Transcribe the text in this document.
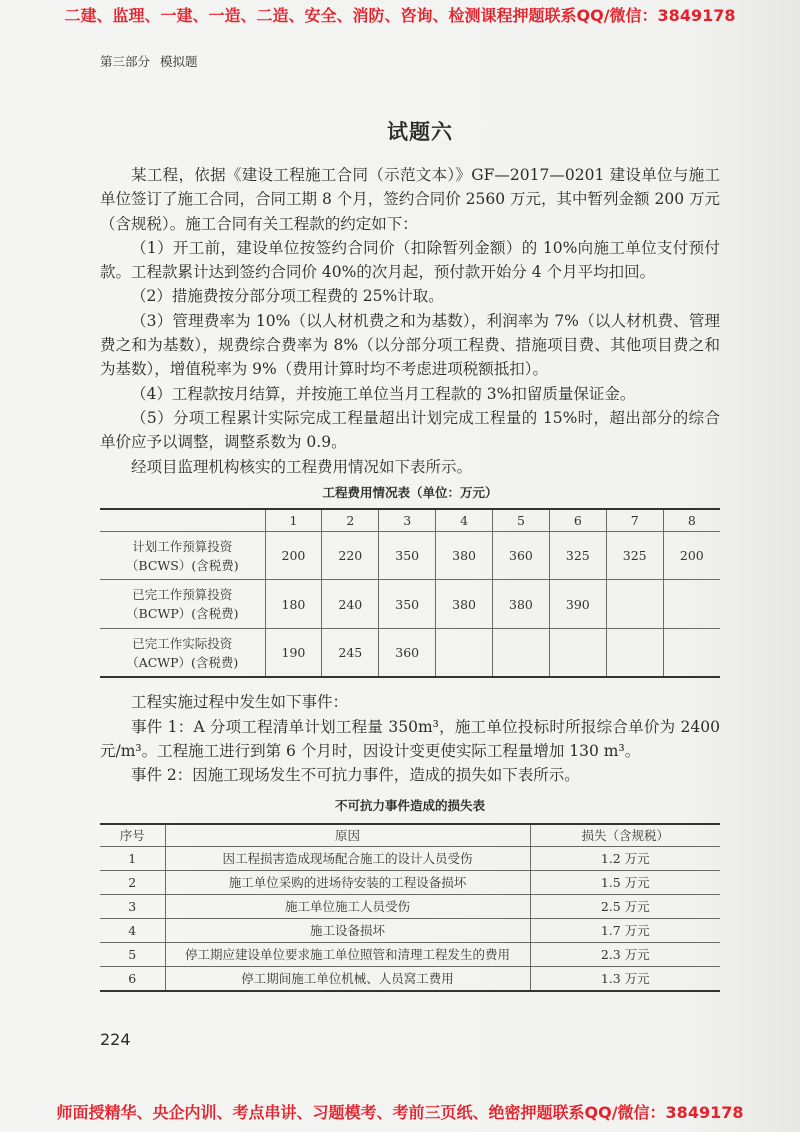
二建、监理、一建、一造、二造、安全、消防、咨询、检测课程押题联系QQ/微信：3849178
第三部分 模拟题
试题六

某工程，依据《建设工程施工合同（示范文本）》GF—2017—0201 建设单位与施工单位签订了施工合同，合同工期 8 个月，签约合同价 2560 万元，其中暂列金额 200 万元（含规税）。施工合同有关工程款的约定如下：

（1）开工前，建设单位按签约合同价（扣除暂列金额）的 10%向施工单位支付预付款。工程款累计达到签约合同价 40%的次月起，预付款开始分 4 个月平均扣回。

（2）措施费按分部分项工程费的 25%计取。

（3）管理费率为 10%（以人材机费之和为基数），利润率为 7%（以人材机费、管理费之和为基数），规费综合费率为 8%（以分部分项工程费、措施项目费、其他项目费之和为基数），增值税率为 9%（费用计算时均不考虑进项税额抵扣）。

（4）工程款按月结算，并按施工单位当月工程款的 3%扣留质量保证金。

（5）分项工程累计实际完成工程量超出计划完成工程量的 15%时，超出部分的综合单价应予以调整，调整系数为 0.9。

经项目监理机构核实的工程费用情况如下表所示。

工程费用情况表（单位：万元）
	1	2	3	4	5	6	7	8

计划工作预算投资
（BCWS）(含税费)	200	220	350	380	360	325	325	200

已完工作预算投资
（BCWP）(含税费)	180	240	350	380	380	390		

已完工作实际投资
（ACWP）(含税费)	190	245	360					

工程实施过程中发生如下事件：

事件 1：A 分项工程清单计划工程量 350m³，施工单位投标时所报综合单价为 2400 元/m³。工程施工进行到第 6 个月时，因设计变更使实际工程量增加 130 m³。

事件 2：因施工现场发生不可抗力事件，造成的损失如下表所示。

不可抗力事件造成的损失表
序号	原因	损失（含规税）
1	因工程损害造成现场配合施工的设计人员受伤	1.2 万元
2	施工单位采购的进场待安装的工程设备损坏	1.5 万元
3	施工单位施工人员受伤	2.5 万元
4	施工设备损坏	1.7 万元
5	停工期应建设单位要求施工单位照管和清理工程发生的费用	2.3 万元
6	停工期间施工单位机械、人员窝工费用	1.3 万元
224
师面授精华、央企内训、考点串讲、习题模考、考前三页纸、绝密押题联系QQ/微信：3849178
